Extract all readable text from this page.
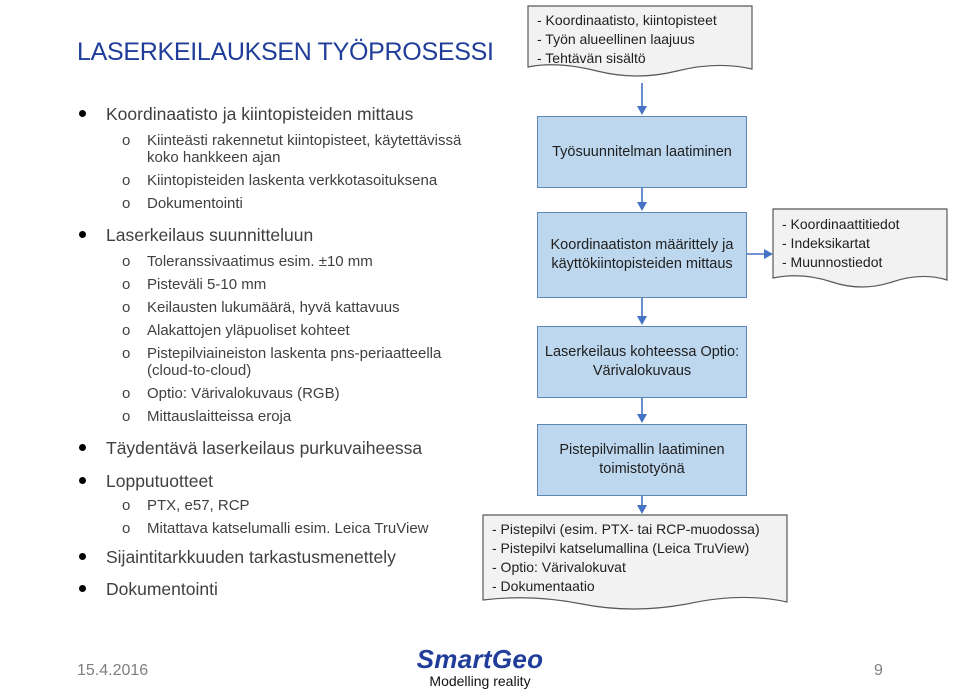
LASERKEILAUKSEN TYÖPROSESSI
- Koordinaatisto, kiintopisteet
- Työn alueellinen laajuus
- Tehtävän sisältö
- Koordinaattitiedot
- Indeksikartat
- Muunnostiedot
- Pistepilvi (esim. PTX- tai RCP-muodossa)
- Pistepilvi katselumallina (Leica TruView)
- Optio: Värivalokuvat
- Dokumentaatio
Työsuunnitelman laatiminen
Koordinaatiston määrittely ja käyttökiintopisteiden mittaus
Laserkeilaus kohteessa Optio: Värivalokuvaus
Pistepilvimallin laatiminen toimistotyönä
Koordinaatisto ja kiintopisteiden mittaus
o Kiinteästi rakennetut kiintopisteet, käytettävissä koko hankkeen ajan
o Kiintopisteiden laskenta verkkotasoituksena
o Dokumentointi
Laserkeilaus suunnitteluun
o Toleranssivaatimus esim. ±10 mm
o Pisteväli 5-10 mm
o Keilausten lukumäärä, hyvä kattavuus
o Alakattojen yläpuoliset kohteet
o Pistepilviaineiston laskenta pns-periaatteella (cloud-to-cloud)
o Optio: Värivalokuvaus (RGB)
o Mittauslaitteissa eroja
Täydentävä laserkeilaus purkuvaiheessa
Lopputuotteet
o PTX, e57, RCP
o Mitattava katselumalli esim. Leica TruView
Sijaintitarkkuuden tarkastusmenettely
Dokumentointi
15.4.2016	SmartGeo
Modelling reality
9
